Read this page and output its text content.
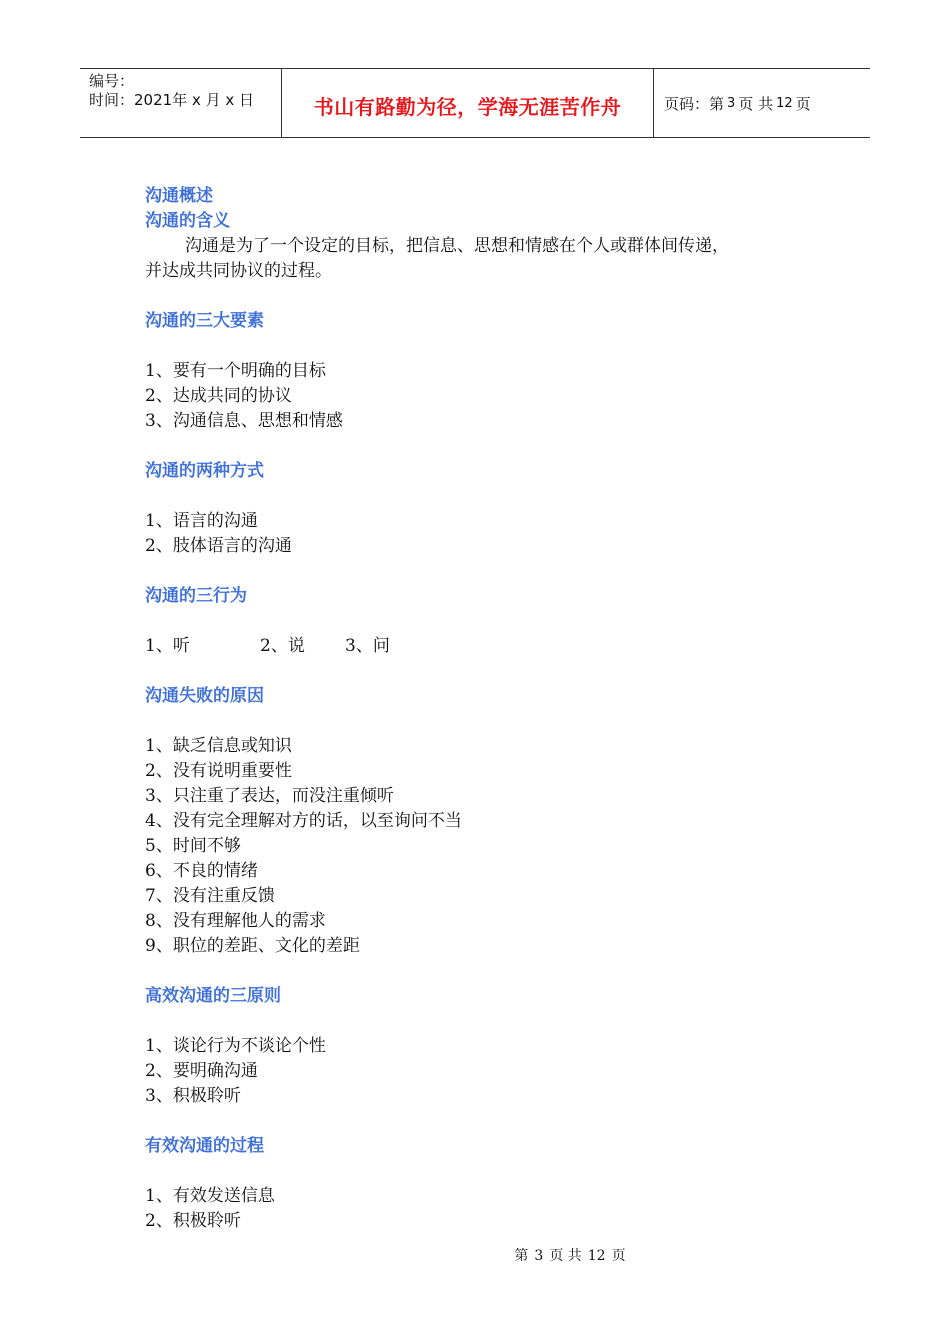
编号：
时间：2021年 x 月 x 日	书山有路勤为径，学海无涯苦作舟	页码：第 3 页 共 12 页

沟通概述

沟通的含义

沟通是为了一个设定的目标，把信息、思想和情感在个人或群体间传递，

并达成共同协议的过程。

沟通的三大要素

1、要有一个明确的目标

2、达成共同的协议

3、沟通信息、思想和情感

沟通的两种方式

1、语言的沟通

2、肢体语言的沟通

沟通的三行为

1、听	2、说	3、问

沟通失败的原因

1、缺乏信息或知识

2、没有说明重要性

3、只注重了表达，而没注重倾听

4、没有完全理解对方的话，以至询问不当

5、时间不够

6、不良的情绪

7、没有注重反馈

8、没有理解他人的需求

9、职位的差距、文化的差距

高效沟通的三原则

1、谈论行为不谈论个性

2、要明确沟通

3、积极聆听

有效沟通的过程

1、有效发送信息

2、积极聆听

第 3 页 共 12 页
